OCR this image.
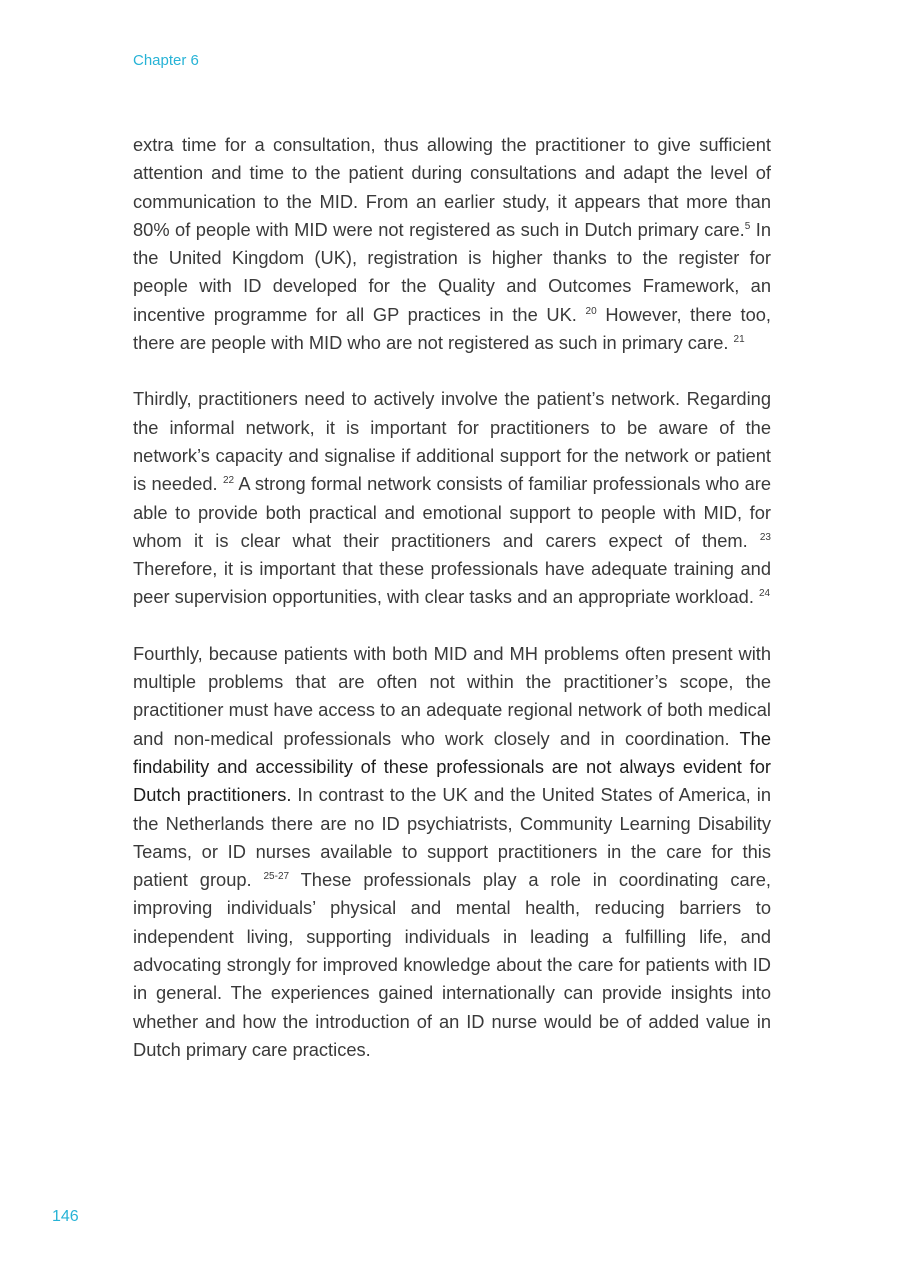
Chapter 6

extra time for a consultation, thus allowing the practitioner to give sufficient attention and time to the patient during consultations and adapt the level of communication to the MID. From an earlier study, it appears that more than 80% of people with MID were not registered as such in Dutch primary care.$^5$ In the United Kingdom (UK), registration is higher thanks to the register for people with ID developed for the Quality and Outcomes Framework, an incentive programme for all GP practices in the UK. $^{20}$ However, there too, there are people with MID who are not registered as such in primary care. $^{21}$

Thirdly, practitioners need to actively involve the patient’s network. Regarding the informal network, it is important for practitioners to be aware of the network’s capacity and signalise if additional support for the network or patient is needed. $^{22}$ A strong formal network consists of familiar professionals who are able to provide both practical and emotional support to people with MID, for whom it is clear what their practitioners and carers expect of them. $^{23}$ Therefore, it is important that these professionals have adequate training and peer supervision opportunities, with clear tasks and an appropriate workload. $^{24}$

Fourthly, because patients with both MID and MH problems often present with multiple problems that are often not within the practitioner’s scope, the practitioner must have access to an adequate regional network of both medical and non-medical professionals who work closely and in coordination. The findability and accessibility of these professionals are not always evident for Dutch practitioners. In contrast to the UK and the United States of America, in the Netherlands there are no ID psychiatrists, Community Learning Disability Teams, or ID nurses available to support practitioners in the care for this patient group. $^{25-27}$ These professionals play a role in coordinating care, improving individuals’ physical and mental health, reducing barriers to independent living, supporting individuals in leading a fulfilling life, and advocating strongly for improved knowledge about the care for patients with ID in general. The experiences gained internationally can provide insights into whether and how the introduction of an ID nurse would be of added value in Dutch primary care practices.

146
